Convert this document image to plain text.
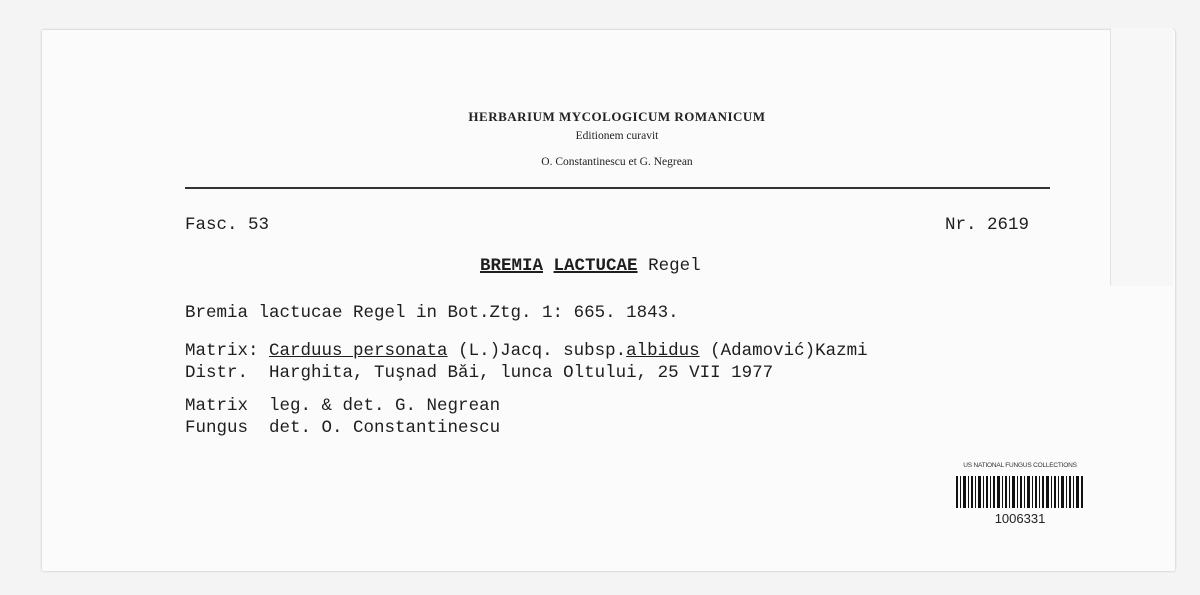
HERBARIUM MYCOLOGICUM ROMANICUM
Editionem curavit
O. Constantinescu et G. Negrean
Fasc. 53	Nr. 2619
BREMIA LACTUCAE Regel
Bremia lactucae Regel in Bot.Ztg. 1: 665. 1843.
Matrix: Carduus personata (L.)Jacq. subsp.albidus (Adamović)Kazmi
Distr. Harghita, Tuşnad Băi, lunca Oltului, 25 VII 1977
Matrix leg. & det. G. Negrean
Fungus det. O. Constantinescu
US NATIONAL FUNGUS COLLECTIONS
1006331
